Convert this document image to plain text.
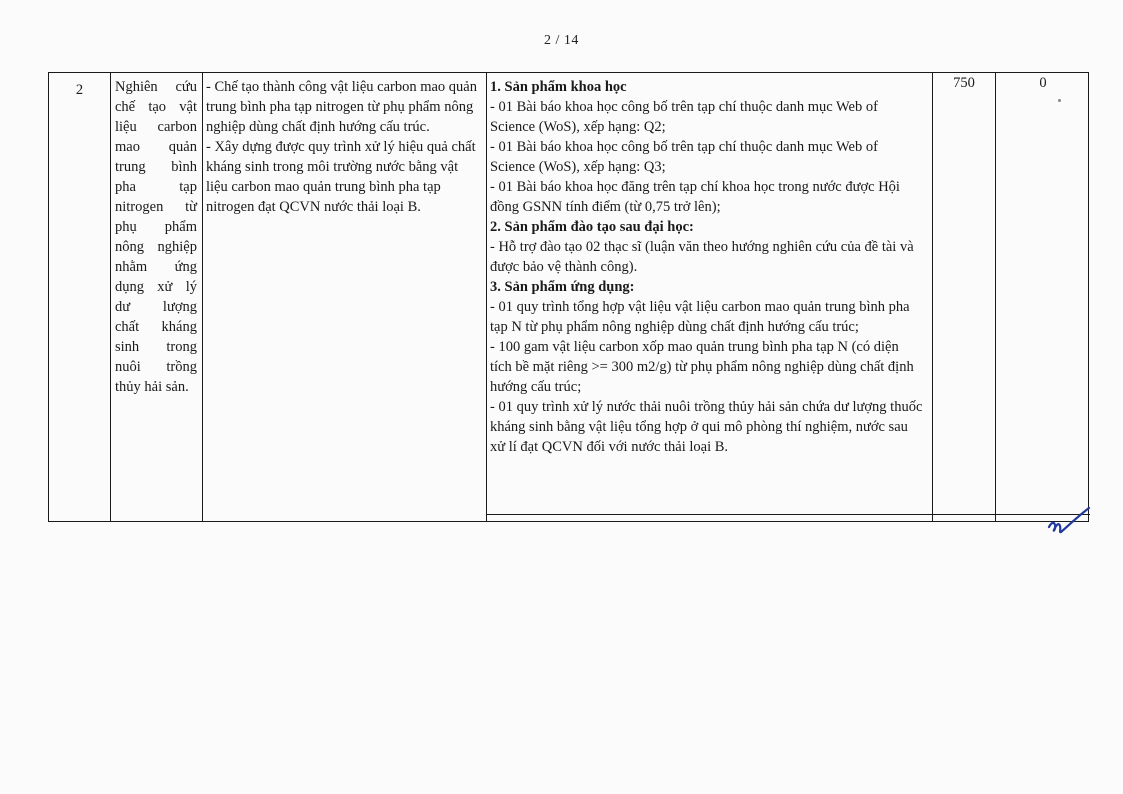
2 / 14
2	Nghiên cứu
chế tạo vật
liệu carbon
mao quản
trung bình
pha tạp
nitrogen từ
phụ phẩm
nông nghiệp
nhằm ứng
dụng xử lý
dư lượng
chất kháng
sinh trong
nuôi trồng
thủy hải sản.

- Chế tạo thành công vật liệu carbon mao quản trung bình pha tạp nitrogen từ phụ phẩm nông nghiệp dùng chất định hướng cấu trúc.

- Xây dựng được quy trình xử lý hiệu quả chất kháng sinh trong môi trường nước bằng vật liệu carbon mao quản trung bình pha tạp nitrogen đạt QCVN nước thải loại B.

1. Sản phẩm khoa học

- 01 Bài báo khoa học công bố trên tạp chí thuộc danh mục Web of Science (WoS), xếp hạng: Q2;

- 01 Bài báo khoa học công bố trên tạp chí thuộc danh mục Web of Science (WoS), xếp hạng: Q3;

- 01 Bài báo khoa học đăng trên tạp chí khoa học trong nước được Hội đồng GSNN tính điểm (từ 0,75 trở lên);

2. Sản phẩm đào tạo sau đại học:

- Hỗ trợ đào tạo 02 thạc sĩ (luận văn theo hướng nghiên cứu của đề tài và được bảo vệ thành công).

3. Sản phẩm ứng dụng:

- 01 quy trình tổng hợp vật liệu vật liệu carbon mao quản trung bình pha tạp N từ phụ phẩm nông nghiệp dùng chất định hướng cấu trúc;

- 100 gam vật liệu carbon xốp mao quản trung bình pha tạp N (có diện tích bề mặt riêng >= 300 m2/g) từ phụ phẩm nông nghiệp dùng chất định hướng cấu trúc;

- 01 quy trình xử lý nước thải nuôi trồng thủy hải sản chứa dư lượng thuốc kháng sinh bằng vật liệu tổng hợp ở qui mô phòng thí nghiệm, nước sau xử lí đạt QCVN đối với nước thải loại B.

750	0
